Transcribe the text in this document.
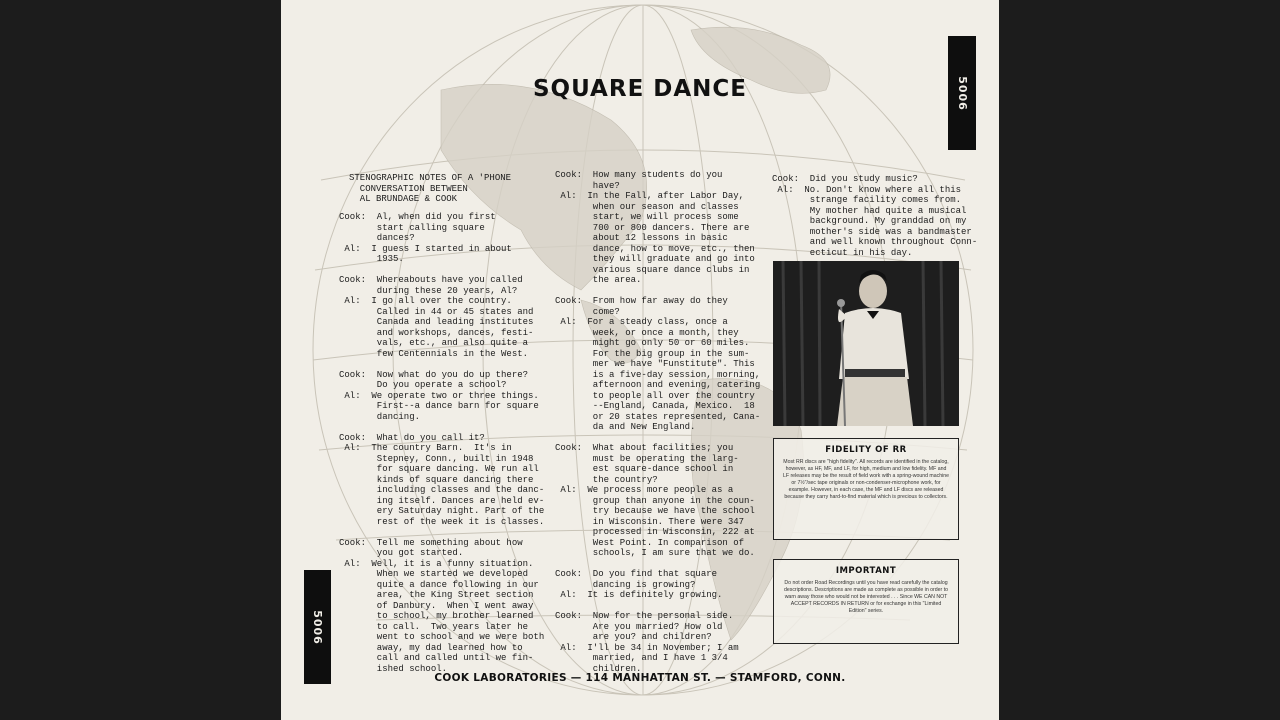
SQUARE DANCE	5006
5006
STENOGRAPHIC NOTES OF A 'PHONE
CONVERSATION BETWEEN
AL BRUNDAGE & COOK
Cook:  Al, when did you first
start calling square
dances?
Al:  I guess I started in about
1935.

Cook:  Whereabouts have you called
during these 20 years, Al?
Al:  I go all over the country.
Called in 44 or 45 states and
Canada and leading institutes
and workshops, dances, festi-
vals, etc., and also quite a
few Centennials in the West.

Cook:  Now what do you do up there?
Do you operate a school?
Al:  We operate two or three things.
First--a dance barn for square
dancing.

Cook:  What do you call it?
Al:  The country Barn.  It's in
Stepney, Conn., built in 1948
for square dancing. We run all
kinds of square dancing there
including classes and the danc-
ing itself. Dances are held ev-
ery Saturday night. Part of the
rest of the week it is classes.

Cook:  Tell me something about how
you got started.
Al:  Well, it is a funny situation.
When we started we developed
quite a dance following in our
area, the King Street section
of Danbury.  When I went away
to school, my brother learned
to call.  Two years later he
went to school and we were both
away, my dad learned how to
call and called until we fin-
ished school.
Cook:  How many students do you
have?
Al:  In the Fall, after Labor Day,
when our season and classes
start, we will process some
700 or 800 dancers. There are
about 12 lessons in basic
dance, how to move, etc., then
they will graduate and go into
various square dance clubs in
the area.

Cook:  From how far away do they
come?
Al:  For a steady class, once a
week, or once a month, they
might go only 50 or 60 miles.
For the big group in the sum-
mer we have "Funstitute". This
is a five-day session, morning,
afternoon and evening, catering
to people all over the country
--England, Canada, Mexico.  18
or 20 states represented, Cana-
da and New England.

Cook:  What about facilities; you
must be operating the larg-
est square-dance school in
the country?
Al:  We process more people as a
group than anyone in the coun-
try because we have the school
in Wisconsin. There were 347
processed in Wisconsin, 222 at
West Point. In comparison of
schools, I am sure that we do.

Cook:  Do you find that square
dancing is growing?
Al:  It is definitely growing.

Cook:  Now for the personal side.
Are you married? How old
are you? and children?
Al:  I'll be 34 in November; I am
married, and I have 1 3/4
children.
Cook:  Did you study music?
Al:  No. Don't know where all this
strange facility comes from.
My mother had quite a musical
background. My granddad on my
mother's side was a bandmaster
and well known throughout Conn-
ecticut in his day.
FIDELITY OF RR

Most RR discs are "high fidelity". All records are identified in the catalog, however, as HF, MF, and LF, for high, medium and low fidelity. MF and LF releases may be the result of field work with a spring-wound machine or 7½"/sec tape originals or non-condenser-microphone work, for example. However, in each case, the MF and LF discs are released because they carry hard-to-find material which is precious to collectors.

IMPORTANT

Do not order Road Recordings until you have read carefully the catalog descriptions. Descriptions are made as complete as possible in order to warn away those who would not be interested . . . Since WE CAN NOT ACCEPT RECORDS IN RETURN or for exchange in this "Limited Edition" series.

COOK LABORATORIES — 114 MANHATTAN ST. — STAMFORD, CONN.
